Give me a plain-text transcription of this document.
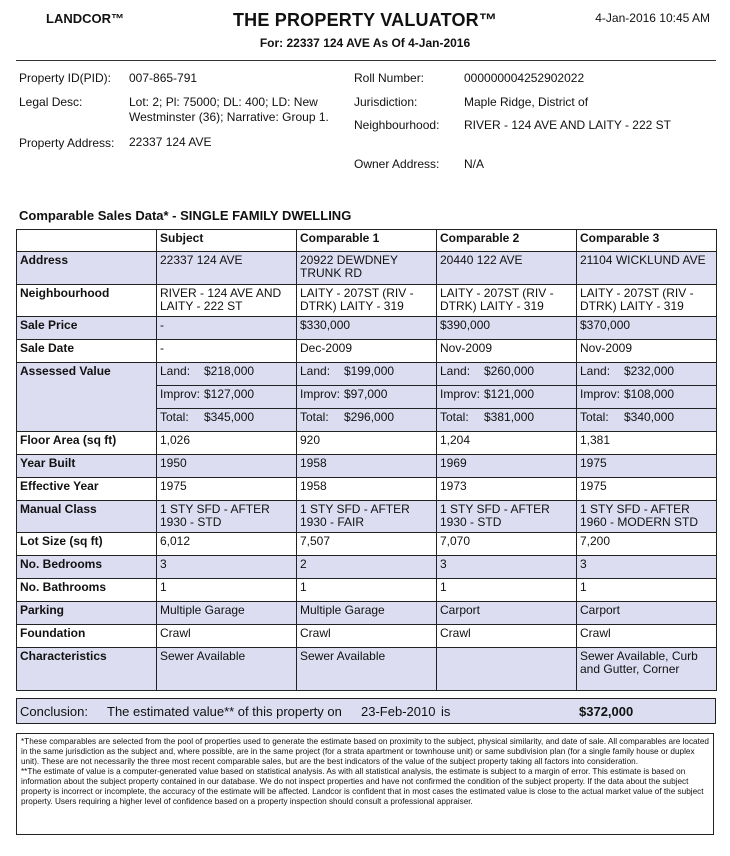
LANDCOR™	THE PROPERTY VALUATOR™
For: 22337 124 AVE As Of 4-Jan-2016
4-Jan-2016 10:45 AM
Property ID(PID): 007-865-791
Legal Desc:	Lot: 2; Pl: 75000; DL: 400; LD: New Westminster (36); Narrative: Group 1.
Property Address: 22337 124 AVE
Roll Number:	000000004252902022
Jurisdiction:	Maple Ridge, District of
Neighbourhood: RIVER - 124 AVE AND LAITY - 222 ST
Owner Address: N/A
Comparable Sales Data* - SINGLE FAMILY DWELLING
	Subject	Comparable 1	Comparable 2	Comparable 3
Address	22337 124 AVE	20922 DEWDNEY TRUNK RD	20440 122 AVE	21104 WICKLUND AVE
Neighbourhood	RIVER - 124 AVE AND LAITY - 222 ST	LAITY - 207ST (RIV - DTRK) LAITY - 319	LAITY - 207ST (RIV - DTRK) LAITY - 319	LAITY - 207ST (RIV - DTRK) LAITY - 319
Sale Price	-	$330,000	$390,000	$370,000
Sale Date	-	Dec-2009	Nov-2009	Nov-2009
Assessed Value	Land: $218,000	Land: $199,000	Land: $260,000	Land: $232,000

	Improv: $127,000	Improv: $97,000	Improv: $121,000	Improv: $108,000

	Total: $345,000	Total: $296,000	Total: $381,000	Total: $340,000

Floor Area (sq ft)	1,026	920	1,204	1,381
Year Built	1950	1958	1969	1975
Effective Year	1975	1958	1973	1975
Manual Class	1 STY SFD - AFTER 1930 - STD	1 STY SFD - AFTER 1930 - FAIR	1 STY SFD - AFTER 1930 - STD	1 STY SFD - AFTER 1960 - MODERN STD
Lot Size (sq ft)	6,012	7,507	7,070	7,200
No. Bedrooms	3	2	3	3
No. Bathrooms	1	1	1	1
Parking	Multiple Garage	Multiple Garage	Carport	Carport
Foundation	Crawl	Crawl	Crawl	Crawl
Characteristics	Sewer Available	Sewer Available		Sewer Available, Curb and Gutter, Corner
Conclusion: The estimated value** of this property on 23-Feb-2010 is	$372,000

*These comparables are selected from the pool of properties used to generate the estimate based on proximity to the subject, physical similarity, and date of sale. All comparables are located in the same jurisdiction as the subject and, where possible, are in the same project (for a strata apartment or townhouse unit) or same subdivision plan (for a single family house or duplex unit). These are not necessarily the three most recent comparable sales, but are the best indicators of the value of the subject property taking all factors into consideration.

**The estimate of value is a computer-generated value based on statistical analysis. As with all statistical analysis, the estimate is subject to a margin of error. This estimate is based on information about the subject property contained in our database. We do not inspect properties and have not confirmed the condition of the subject property. If the data about the subject property is incorrect or incomplete, the accuracy of the estimate will be affected. Landcor is confident that in most cases the estimated value is close to the actual market value of the subject property. Users requiring a higher level of confidence based on a property inspection should consult a professional appraiser.
